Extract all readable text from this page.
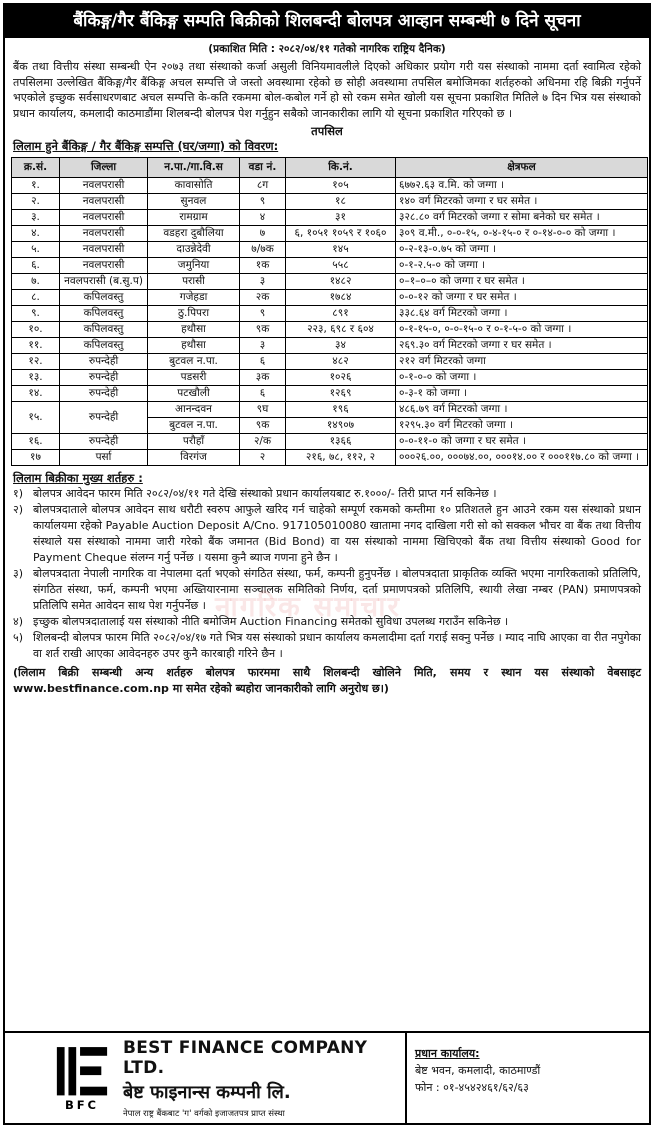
बैंकिङ्ग/गैर बैंकिङ्ग सम्पति बिक्रीको शिलबन्दी बोलपत्र आव्हान सम्बन्धी ७ दिने सूचना
(प्रकाशित मिति : २०८२/०४/११ गतेको नागरिक राष्ट्रिय दैनिक)
बैंक तथा वित्तीय संस्था सम्बन्धी ऐन २०७३ तथा संस्थाको कर्जा असुली विनियमावलीले दिएको अधिकार प्रयोग गरी यस संस्थाको नाममा दर्ता स्वामित्व रहेको तपसिलमा उल्लेखित बैंकिङ्ग/गैर बैंकिङ्ग अचल सम्पत्ति जे जस्तो अवस्थामा रहेको छ सोही अवस्थामा तपसिल बमोजिमका शर्तहरुको अधिनमा रहि बिक्री गर्नुपर्ने भएकोले इच्छुक सर्वसाधरणबाट अचल सम्पत्ति के-कति रकममा बोल-कबोल गर्ने हो सो रकम समेत खोली यस सूचना प्रकाशित मितिले ७ दिन भित्र यस संस्थाको प्रधान कार्यालय, कमलादी काठमाडौंमा शिलबन्दी बोलपत्र पेश गर्नुहुन सबैको जानकारीका लागि यो सूचना प्रकाशित गरिएको छ ।
तपसिल
लिलाम हुने बैंकिङ्ग / गैर बैंकिङ्ग सम्पत्ति (घर/जग्गा) को विवरण:
क्र.सं.	जिल्ला	न.पा./गा.वि.स	वडा नं.	कि.नं.	क्षेत्रफल
१.	नवलपरासी	कावासोति	८ग	१०५	६७७२.६३ व.मि. को जग्गा ।
२.	नवलपरासी	सुनवल	९	१८	१४० वर्ग मिटरको जग्गा र घर समेत ।
३.	नवलपरासी	रामग्राम	४	३१	३२८.८० वर्ग मिटरको जग्गा र सोमा बनेको घर समेत ।
४.	नवलपरासी	वडहरा दुबौलिया	७	६, १०५१ १०५९ र १०६०	३०९ व.मी., ०-०-१५, ०-४-१५-० र ०-१४-०-० को जग्गा ।
५.	नवलपरासी	दाउन्नेदेवी	७/७क	१४५	०-२-१३-०.७५ को जग्गा ।
६.	नवलपरासी	जमुनिया	१क	५५८	०-१-२.५-० को जग्गा ।
७.	नवलपरासी (ब.सु.प)	परासी	३	१४८२	०–१–०–० को जग्गा र घर समेत ।
८.	कपिलवस्तु	गजेहडा	२क	१७८४	०-०-१२ को जग्गा र घर समेत ।
९.	कपिलवस्तु	ठु.पिपरा	९	८९१	३३८.६४ वर्ग मिटरको जग्गा ।
१०.	कपिलवस्तु	हथौसा	९क	२२३, ६९८ र ६०४	०-१-१५-०, ०-०-१५-० र ०-१-५-० को जग्गा ।
११.	कपिलवस्तु	हथौसा	३	३४	२६९.३० वर्ग मिटरको जग्गा र घर समेत ।
१२.	रुपन्देही	बुटवल न.पा.	६	४८२	२१२ वर्ग मिटरको जग्गा
१३.	रुपन्देही	पडसरी	३क	१०२६	०-१-०-० को जग्गा ।
१४.	रुपन्देही	पटखौली	६	१२६९	०-३-१ को जग्गा ।
१५.	रुपन्देही	आनन्दवन	९घ	१९६	४८६.७९ वर्ग मिटरको जग्गा ।
		बुटवल न.पा.	९क	१४९०७	१२९५.३० वर्ग मिटरको जग्गा ।
१६.	रुपन्देही	परौहाँ	२/क	१३६६	०-०-११-० को जग्गा र घर समेत ।
१७	पर्सा	विरगंज	२	२१६, ७८, ११२, २	०००२६.००, ०००७४.००, ०००१४.०० र ०००११७.८० को जग्गा ।
लिलाम बिक्रीका मुख्य शर्तहरु :
१) बोलपत्र आवेदन फारम मिति २०८२/०४/११ गते देखि संस्थाको प्रधान कार्यालयबाट रु.१०००/- तिरी प्राप्त गर्न सकिनेछ ।
२) बोलपत्रदाताले बोलपत्र आवेदन साथ धरौटी स्वरुप आफुले खरिद गर्न चाहेको सम्पूर्ण रकमको कम्तीमा १० प्रतिशतले हुन आउने रकम यस संस्थाको प्रधान कार्यालयमा रहेको Payable Auction Deposit A/Cno. 917105010080 खातामा नगद दाखिला गरी सो को सक्कल भौचर वा बैंक तथा वित्तीय संस्थाले यस संस्थाको नाममा जारी गरेको बैंक जमानत (Bid Bond) वा यस संस्थाको नाममा खिचिएको बैंक तथा वित्तीय संस्थाको Good for Payment Cheque संलग्न गर्नु पर्नेछ । यसमा कुनै ब्याज गणना हुने छैन ।
३) बोलपत्रदाता नेपाली नागरिक वा नेपालमा दर्ता भएको संगठित संस्था, फर्म, कम्पनी हुनुपर्नेछ । बोलपत्रदाता प्राकृतिक व्यक्ति भएमा नागरिकताको प्रतिलिपि, संगठित संस्था, फर्म, कम्पनी भएमा अख्तियारनामा सञ्चालक समितिको निर्णय, दर्ता प्रमाणपत्रको प्रतिलिपि, स्थायी लेखा नम्बर (PAN) प्रमाणपत्रको प्रतिलिपि समेत आवेदन साथ पेश गर्नुपर्नेछ ।
४) इच्छुक बोलपत्रदातालाई यस संस्थाको नीति बमोजिम Auction Financing समेतको सुविधा उपलब्ध गराउँन सकिनेछ ।
५) शिलबन्दी बोलपत्र फारम मिति २०८२/०४/१७ गते भित्र यस संस्थाको प्रधान कार्यालय कमलादीमा दर्ता गराई सक्नु पर्नेछ । म्याद नाघि आएका वा रीत नपुगेका वा शर्त राखी आएका आवेदनहरु उपर कुनै कारबाही गरिने छैन ।
(लिलाम बिक्री सम्बन्धी अन्य शर्तहरु बोलपत्र फारममा साथै शिलबन्दी खोलिने मिति, समय र स्थान यस संस्थाको वेबसाइट www.bestfinance.com.np मा समेत रहेको ब्यहोरा जानकारीको लागि अनुरोध छ।)
BFC
BEST FINANCE COMPANY LTD.
बेष्ट फाइनान्स कम्पनी लि.
नेपाल राष्ट्र बैंकबाट 'ग' वर्गको इजाजतपत्र प्राप्त संस्था
प्रधान कार्यालय:
बेष्ट भवन, कमलादी, काठमाण्डौं
फोन : ०१-४५४२४६१/६२/६३
नागरिक समाचार
